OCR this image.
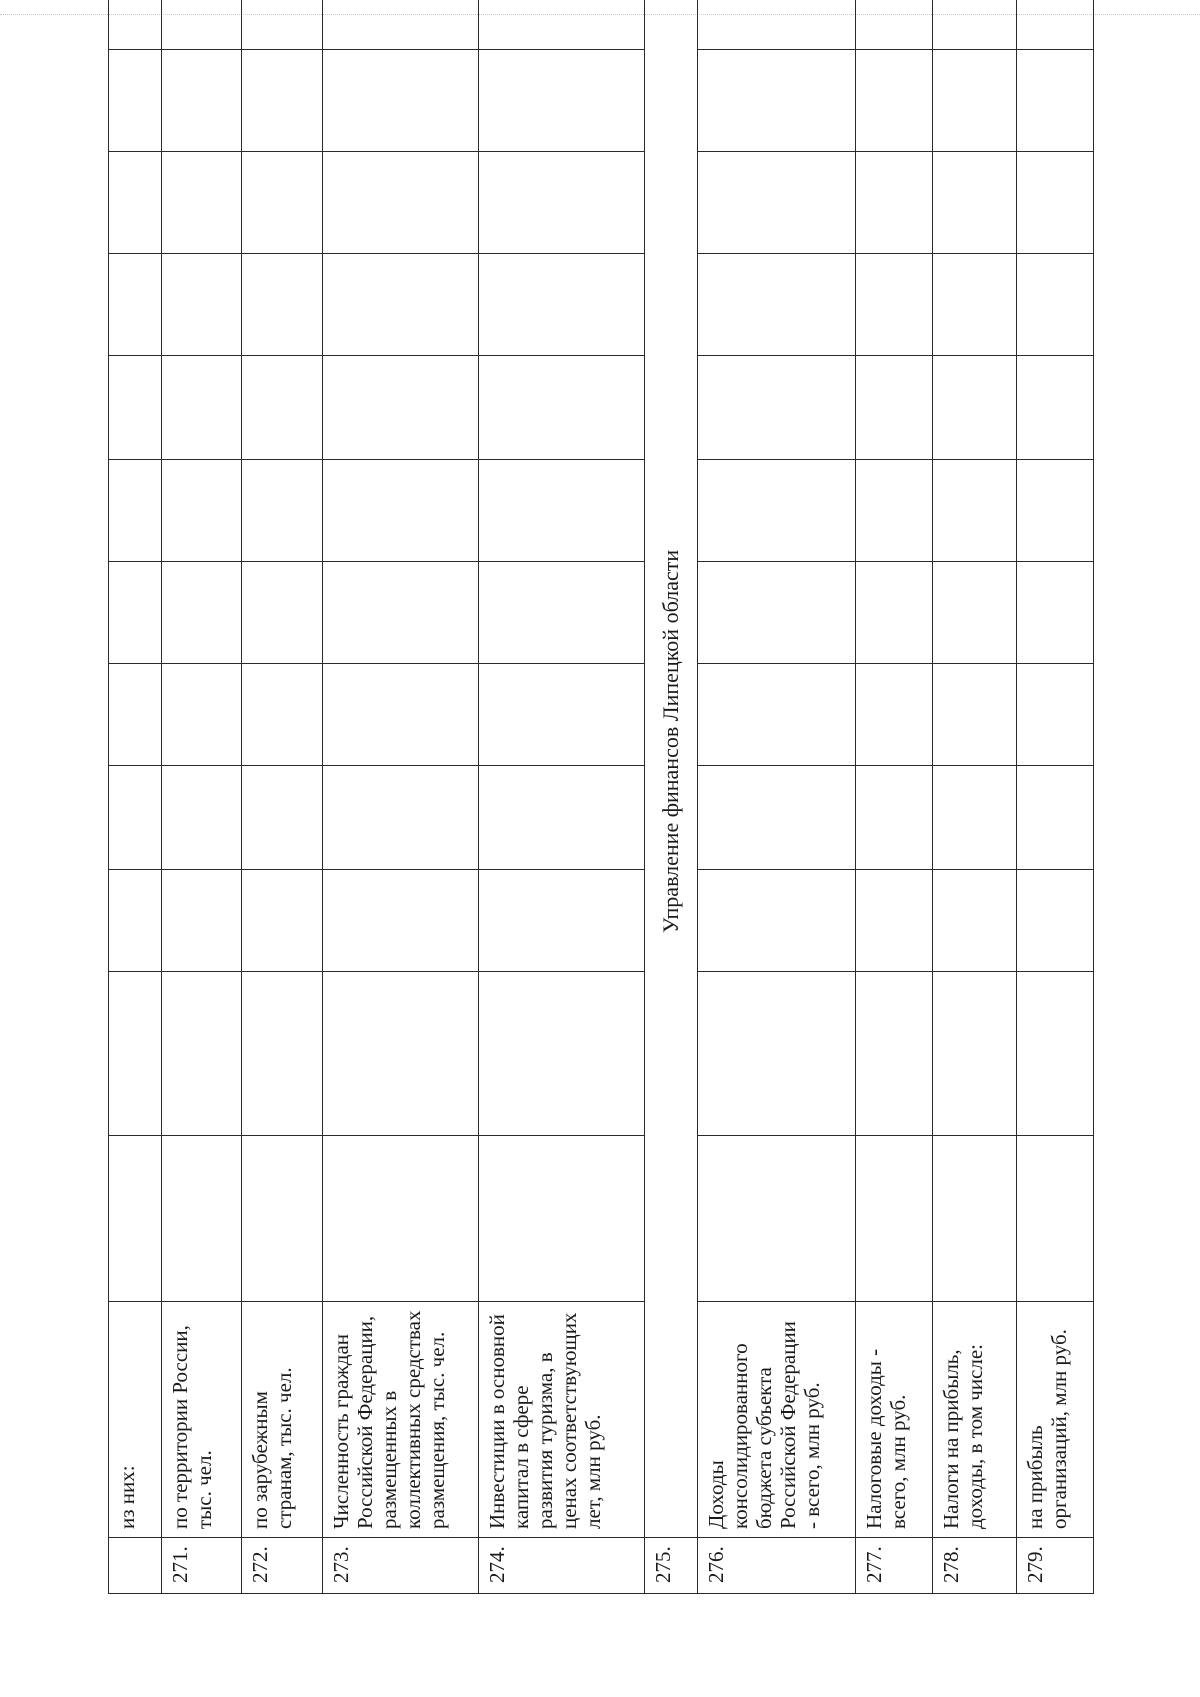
	из них:												
271.	по территории России, тыс. чел.												
272.	по зарубежным странам, тыс. чел.												
273.	Численность граждан Российской Федерации, размещенных в коллективных средствах размещения, тыс. чел.												
274.	Инвестиции в основной капитал в сфере развития туризма, в ценах соответствующих лет, млн руб.												
275.	Управление финансов Липецкой области												
276.	Доходы консолидированного бюджета субъекта Российской Федерации - всего, млн руб.												
277.	Налоговые доходы - всего, млн руб.												
278.	Налоги на прибыль, доходы, в том числе:												
279.	на прибыль организаций, млн руб.												
